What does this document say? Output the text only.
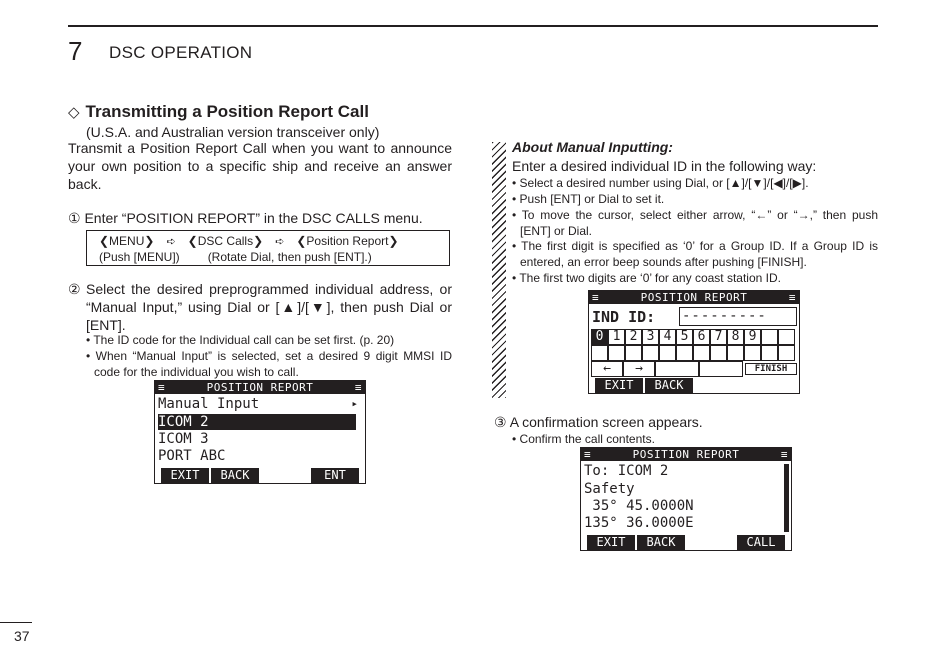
7 DSC OPERATION
◇ Transmitting a Position Report Call
(U.S.A. and Australian version transceiver only)
Transmit a Position Report Call when you want to announce your own position to a specific ship and receive an answer back.
① Enter “POSITION REPORT” in the DSC CALLS menu.
❮MENU❯ ➪ ❮DSC Calls❯ ➪ ❮Position Report❯
(Push [MENU]) (Rotate Dial, then push [ENT].)
② Select the desired preprogrammed individual address, or “Manual Input,” using Dial or [▲]/[▼], then push Dial or [ENT].
• The ID code for the Individual call can be set first. (p. 20)
• When “Manual Input” is selected, set a desired 9 digit MMSI ID code for the individual you wish to call.
≡	POSITION REPORT	≡
Manual Input	▸
ICOM 2
ICOM 3
PORT ABC
EXIT	BACK	ENT
About Manual Inputting:
Enter a desired individual ID in the following way:
• Select a desired number using Dial, or [▲]/[▼]/[◀]/[▶].
• Push [ENT] or Dial to set it.
• To move the cursor, select either arrow, “←” or “→,” then push [ENT] or Dial.
• The first digit is specified as ‘0’ for a Group ID. If a Group ID is entered, an error beep sounds after pushing [FINISH].
• The first two digits are ‘0’ for any coast station ID.
≡	POSITION REPORT	≡
IND ID: ---------
0 1 2 3 4 5 6 7 8 9
←	→	FINISH
EXIT	BACK
③ A confirmation screen appears.
• Confirm the call contents.
≡	POSITION REPORT	≡
To: ICOM 2
Safety
35° 45.0000N
135° 36.0000E
EXIT	BACK	CALL
37
